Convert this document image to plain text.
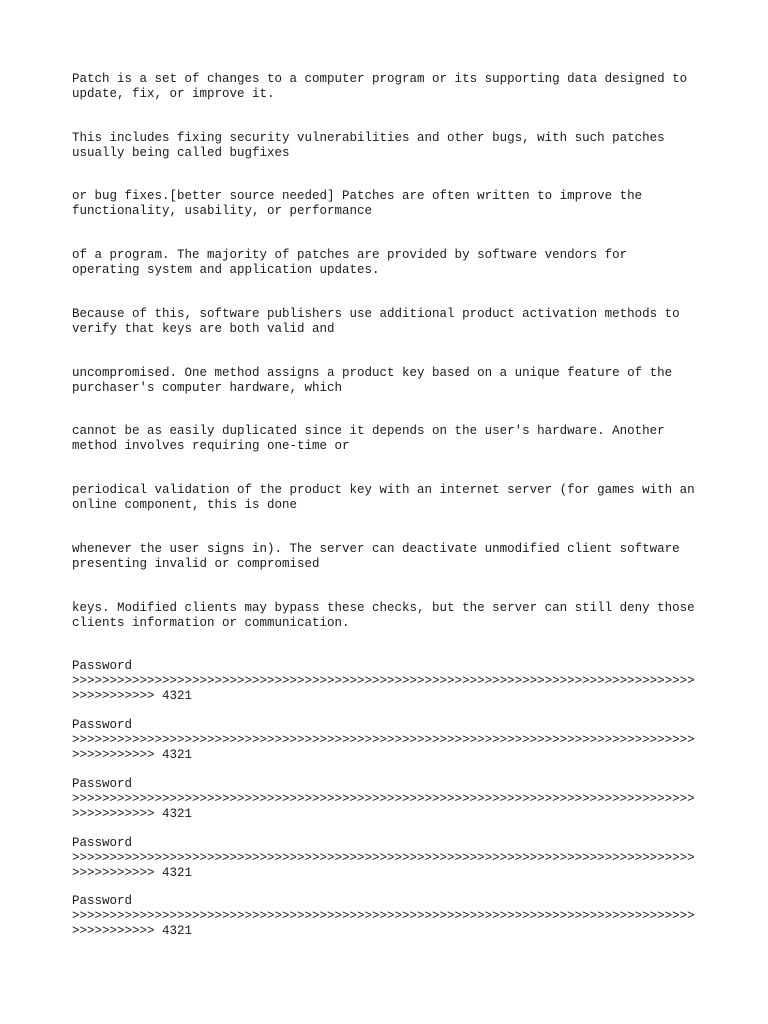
Patch is a set of changes to a computer program or its supporting data designed to
update, fix, or improve it.

This includes fixing security vulnerabilities and other bugs, with such patches
usually being called bugfixes

or bug fixes.[better source needed] Patches are often written to improve the
functionality, usability, or performance

of a program. The majority of patches are provided by software vendors for
operating system and application updates.

Because of this, software publishers use additional product activation methods to
verify that keys are both valid and

uncompromised. One method assigns a product key based on a unique feature of the
purchaser's computer hardware, which

cannot be as easily duplicated since it depends on the user's hardware. Another
method involves requiring one-time or

periodical validation of the product key with an internet server (for games with an
online component, this is done

whenever the user signs in). The server can deactivate unmodified client software
presenting invalid or compromised

keys. Modified clients may bypass these checks, but the server can still deny those
clients information or communication.

Password
>>>>>>>>>>>>>>>>>>>>>>>>>>>>>>>>>>>>>>>>>>>>>>>>>>>>>>>>>>>>>>>>>>>>>>>>>>>>>>>>>>>
>>>>>>>>>>> 4321
Password
>>>>>>>>>>>>>>>>>>>>>>>>>>>>>>>>>>>>>>>>>>>>>>>>>>>>>>>>>>>>>>>>>>>>>>>>>>>>>>>>>>>
>>>>>>>>>>> 4321
Password
>>>>>>>>>>>>>>>>>>>>>>>>>>>>>>>>>>>>>>>>>>>>>>>>>>>>>>>>>>>>>>>>>>>>>>>>>>>>>>>>>>>
>>>>>>>>>>> 4321
Password
>>>>>>>>>>>>>>>>>>>>>>>>>>>>>>>>>>>>>>>>>>>>>>>>>>>>>>>>>>>>>>>>>>>>>>>>>>>>>>>>>>>
>>>>>>>>>>> 4321
Password
>>>>>>>>>>>>>>>>>>>>>>>>>>>>>>>>>>>>>>>>>>>>>>>>>>>>>>>>>>>>>>>>>>>>>>>>>>>>>>>>>>>
>>>>>>>>>>> 4321
